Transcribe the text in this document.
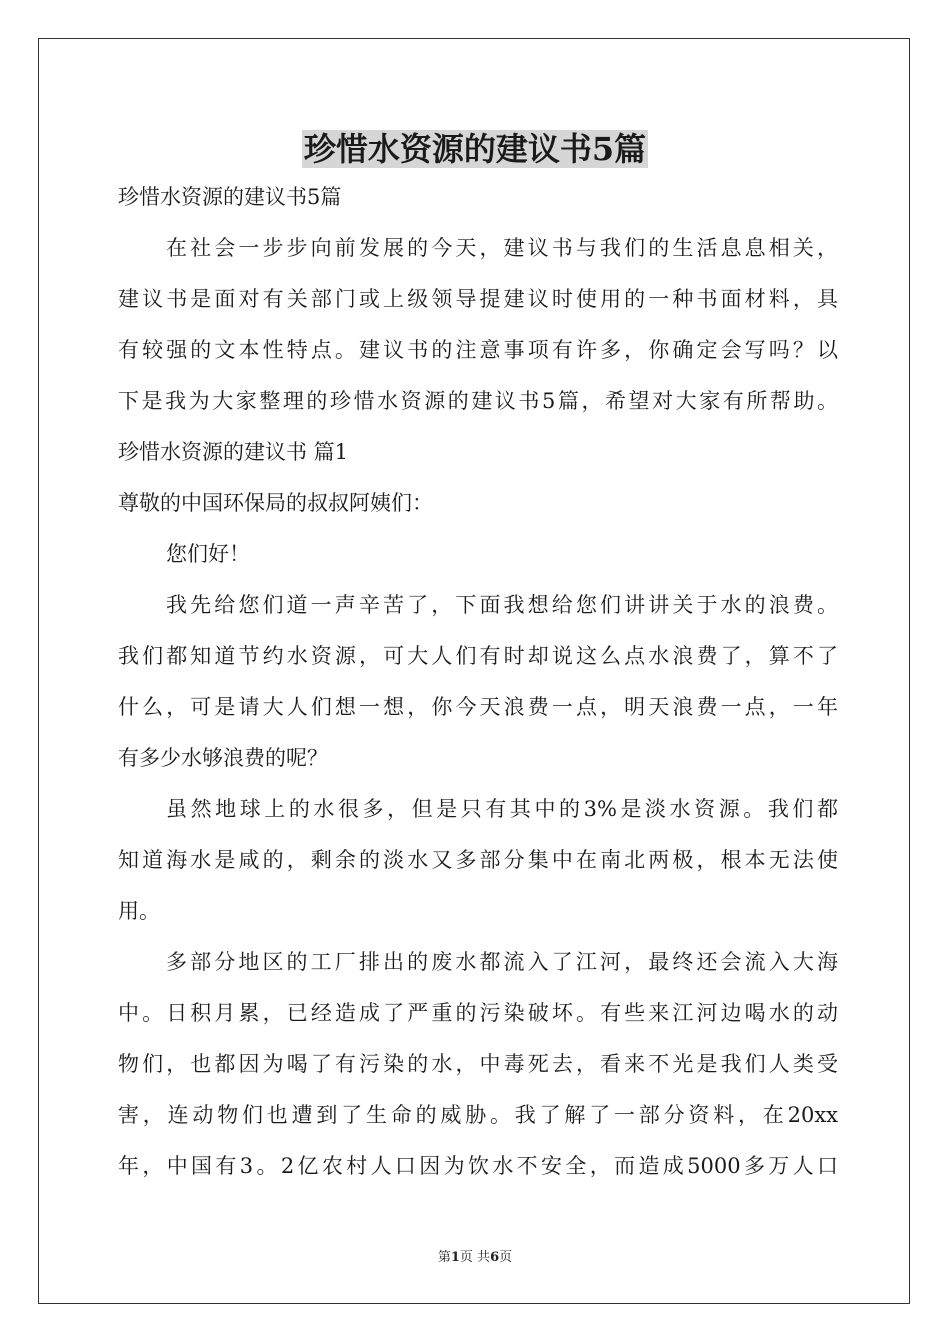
珍惜水资源的建议书5篇
珍惜水资源的建议书5篇
在社会一步步向前发展的今天，建议书与我们的生活息息相关，
建议书是面对有关部门或上级领导提建议时使用的一种书面材料，具
有较强的文本性特点。建议书的注意事项有许多，你确定会写吗？以
下是我为大家整理的珍惜水资源的建议书5篇，希望对大家有所帮助。
珍惜水资源的建议书 篇1
尊敬的中国环保局的叔叔阿姨们：
您们好！
我先给您们道一声辛苦了，下面我想给您们讲讲关于水的浪费。
我们都知道节约水资源，可大人们有时却说这么点水浪费了，算不了
什么，可是请大人们想一想，你今天浪费一点，明天浪费一点，一年
有多少水够浪费的呢？
虽然地球上的水很多，但是只有其中的3%是淡水资源。我们都
知道海水是咸的，剩余的淡水又多部分集中在南北两极，根本无法使
用。
多部分地区的工厂排出的废水都流入了江河，最终还会流入大海
中。日积月累，已经造成了严重的污染破坏。有些来江河边喝水的动
物们，也都因为喝了有污染的水，中毒死去，看来不光是我们人类受
害，连动物们也遭到了生命的威胁。我了解了一部分资料，在20xx
年，中国有3。2亿农村人口因为饮水不安全，而造成5000多万人口
第1页 共6页
